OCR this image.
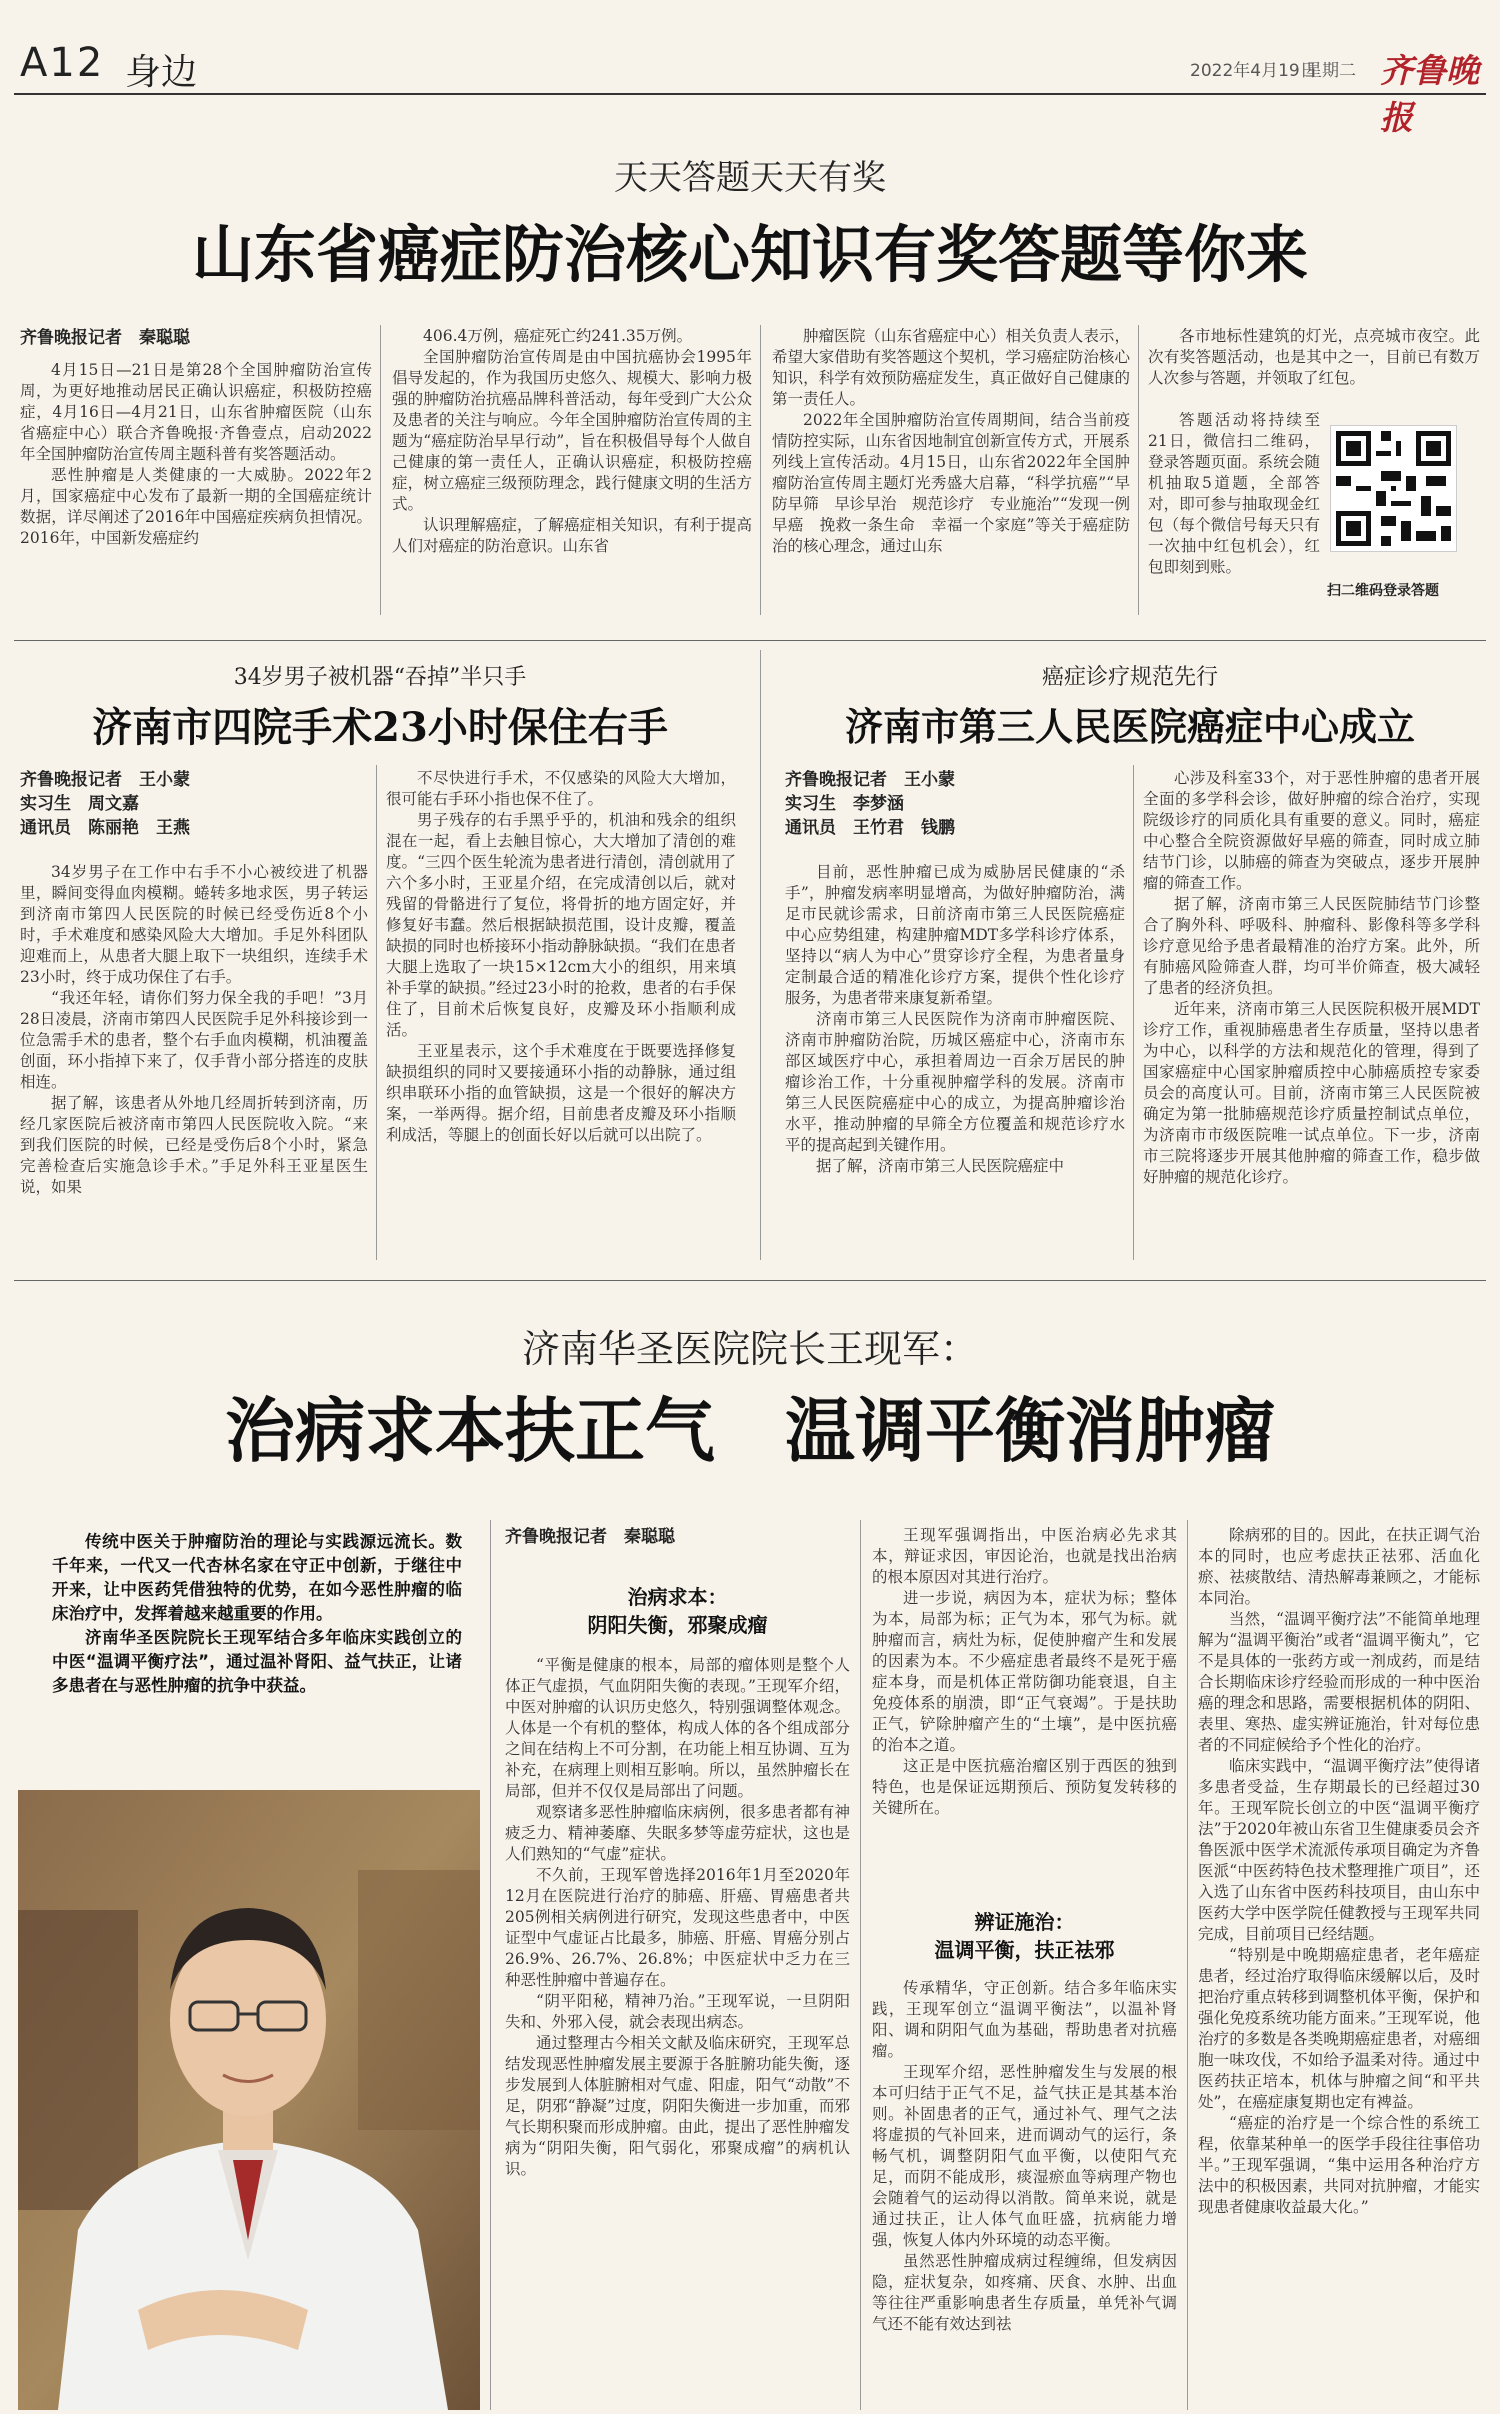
A12 身边	2022年4月19日
星期二 齐鲁晚报
天天答题天天有奖
山东省癌症防治核心知识有奖答题等你来
齐鲁晚报记者　秦聪聪

4月15日—21日是第28个全国肿瘤防治宣传周，为更好地推动居民正确认识癌症，积极防控癌症，4月16日—4月21日，山东省肿瘤医院（山东省癌症中心）联合齐鲁晚报·齐鲁壹点，启动2022年全国肿瘤防治宣传周主题科普有奖答题活动。

恶性肿瘤是人类健康的一大威胁。2022年2月，国家癌症中心发布了最新一期的全国癌症统计数据，详尽阐述了2016年中国癌症疾病负担情况。2016年，中国新发癌症约

406.4万例，癌症死亡约241.35万例。

全国肿瘤防治宣传周是由中国抗癌协会1995年倡导发起的，作为我国历史悠久、规模大、影响力极强的肿瘤防治抗癌品牌科普活动，每年受到广大公众及患者的关注与响应。今年全国肿瘤防治宣传周的主题为“癌症防治早早行动”，旨在积极倡导每个人做自己健康的第一责任人，正确认识癌症，积极防控癌症，树立癌症三级预防理念，践行健康文明的生活方式。

认识理解癌症，了解癌症相关知识，有利于提高人们对癌症的防治意识。山东省

肿瘤医院（山东省癌症中心）相关负责人表示，希望大家借助有奖答题这个契机，学习癌症防治核心知识，科学有效预防癌症发生，真正做好自己健康的第一责任人。

2022年全国肿瘤防治宣传周期间，结合当前疫情防控实际，山东省因地制宜创新宣传方式，开展系列线上宣传活动。4月15日，山东省2022年全国肿瘤防治宣传周主题灯光秀盛大启幕，“科学抗癌”“早防早筛　早诊早治　规范诊疗　专业施治”“发现一例早癌　挽救一条生命　幸福一个家庭”等关于癌症防治的核心理念，通过山东

各市地标性建筑的灯光，点亮城市夜空。此次有奖答题活动，也是其中之一，目前已有数万人次参与答题，并领取了红包。

答题活动将持续至21日，微信扫二维码，登录答题页面。系统会随机抽取5道题，全部答对，即可参与抽取现金红包（每个微信号每天只有一次抽中红包机会），红包即刻到账。

扫二维码登录答题
34岁男子被机器“吞掉”半只手
济南市四院手术23小时保住右手
齐鲁晚报记者　王小蒙
实习生　周文嘉
通讯员　陈丽艳　王燕

34岁男子在工作中右手不小心被绞进了机器里，瞬间变得血肉模糊。蜷转多地求医，男子转运到济南市第四人民医院的时候已经受伤近8个小时，手术难度和感染风险大大增加。手足外科团队迎难而上，从患者大腿上取下一块组织，连续手术23小时，终于成功保住了右手。

“我还年轻，请你们努力保全我的手吧！”3月28日凌晨，济南市第四人民医院手足外科接诊到一位急需手术的患者，整个右手血肉模糊，机油覆盖创面，环小指掉下来了，仅手背小部分搭连的皮肤相连。

据了解，该患者从外地几经周折转到济南，历经几家医院后被济南市第四人民医院收入院。“来到我们医院的时候，已经是受伤后8个小时，紧急完善检查后实施急诊手术。”手足外科王亚星医生说，如果

不尽快进行手术，不仅感染的风险大大增加，很可能右手环小指也保不住了。

男子残存的右手黑乎乎的，机油和残余的组织混在一起，看上去触目惊心，大大增加了清创的难度。“三四个医生轮流为患者进行清创，清创就用了六个多小时，王亚星介绍，在完成清创以后，就对残留的骨骼进行了复位，将骨折的地方固定好，并修复好韦蠢。然后根据缺损范围，设计皮瓣，覆盖缺损的同时也桥接环小指动静脉缺损。“我们在患者大腿上选取了一块15×12cm大小的组织，用来填补手掌的缺损。”经过23小时的抢救，患者的右手保住了，目前术后恢复良好，皮瓣及环小指顺利成活。

王亚星表示，这个手术难度在于既要选择修复缺损组织的同时又要接通环小指的动静脉，通过组织串联环小指的血管缺损，这是一个很好的解决方案，一举两得。据介绍，目前患者皮瓣及环小指顺利成活，等腿上的创面长好以后就可以出院了。

癌症诊疗规范先行
济南市第三人民医院癌症中心成立
齐鲁晚报记者　王小蒙
实习生　李梦涵
通讯员　王竹君　钱鹏

目前，恶性肿瘤已成为威胁居民健康的“杀手”，肿瘤发病率明显增高，为做好肿瘤防治，满足市民就诊需求，日前济南市第三人民医院癌症中心应势组建，构建肿瘤MDT多学科诊疗体系，坚持以“病人为中心”贯穿诊疗全程，为患者量身定制最合适的精准化诊疗方案，提供个性化诊疗服务，为患者带来康复新希望。

济南市第三人民医院作为济南市肿瘤医院、济南市肿瘤防治院，历城区癌症中心，济南市东部区域医疗中心，承担着周边一百余万居民的肿瘤诊治工作，十分重视肿瘤学科的发展。济南市第三人民医院癌症中心的成立，为提高肿瘤诊治水平，推动肿瘤的早筛全方位覆盖和规范诊疗水平的提高起到关键作用。

据了解，济南市第三人民医院癌症中

心涉及科室33个，对于恶性肿瘤的患者开展全面的多学科会诊，做好肿瘤的综合治疗，实现院级诊疗的同质化具有重要的意义。同时，癌症中心整合全院资源做好早癌的筛查，同时成立肺结节门诊，以肺癌的筛查为突破点，逐步开展肿瘤的筛查工作。

据了解，济南市第三人民医院肺结节门诊整合了胸外科、呼吸科、肿瘤科、影像科等多学科诊疗意见给予患者最精准的治疗方案。此外，所有肺癌风险筛查人群，均可半价筛查，极大减轻了患者的经济负担。

近年来，济南市第三人民医院积极开展MDT诊疗工作，重视肺癌患者生存质量，坚持以患者为中心，以科学的方法和规范化的管理，得到了国家癌症中心国家肿瘤质控中心肺癌质控专家委员会的高度认可。目前，济南市第三人民医院被确定为第一批肺癌规范诊疗质量控制试点单位，为济南市市级医院唯一试点单位。下一步，济南市三院将逐步开展其他肿瘤的筛查工作，稳步做好肿瘤的规范化诊疗。

济南华圣医院院长王现军：
治病求本扶正气　温调平衡消肿瘤

传统中医关于肿瘤防治的理论与实践源远流长。数千年来，一代又一代杏林名家在守正中创新，于继往中开来，让中医药凭借独特的优势，在如今恶性肿瘤的临床治疗中，发挥着越来越重要的作用。

济南华圣医院院长王现军结合多年临床实践创立的中医“温调平衡疗法”，通过温补肾阳、益气扶正，让诸多患者在与恶性肿瘤的抗争中获益。

齐鲁晚报记者　秦聪聪
治病求本：
阴阳失衡，邪聚成瘤

“平衡是健康的根本，局部的瘤体则是整个人体正气虚损，气血阴阳失衡的表现。”王现军介绍，中医对肿瘤的认识历史悠久，特别强调整体观念。人体是一个有机的整体，构成人体的各个组成部分之间在结构上不可分割，在功能上相互协调、互为补充，在病理上则相互影响。所以，虽然肿瘤长在局部，但并不仅仅是局部出了问题。

观察诸多恶性肿瘤临床病例，很多患者都有神疲乏力、精神萎靡、失眠多梦等虚劳症状，这也是人们熟知的“气虚”症状。

不久前，王现军曾选择2016年1月至2020年12月在医院进行治疗的肺癌、肝癌、胃癌患者共205例相关病例进行研究，发现这些患者中，中医证型中气虚证占比最多，肺癌、肝癌、胃癌分别占26.9%、26.7%、26.8%；中医症状中乏力在三种恶性肿瘤中普遍存在。

“阴平阳秘，精神乃治。”王现军说，一旦阴阳失和、外邪入侵，就会表现出病态。

通过整理古今相关文献及临床研究，王现军总结发现恶性肿瘤发展主要源于各脏腑功能失衡，逐步发展到人体脏腑相对气虚、阳虚，阳气“动散”不足，阴邪“静凝”过度，阴阳失衡进一步加重，而邪气长期积聚而形成肿瘤。由此，提出了恶性肿瘤发病为“阴阳失衡，阳气弱化，邪聚成瘤”的病机认识。

王现军强调指出，中医治病必先求其本，辩证求因，审因论治，也就是找出治病的根本原因对其进行治疗。

进一步说，病因为本，症状为标；整体为本，局部为标；正气为本，邪气为标。就肿瘤而言，病灶为标，促使肿瘤产生和发展的因素为本。不少癌症患者最终不是死于癌症本身，而是机体正常防御功能衰退，自主免疫体系的崩溃，即“正气衰竭”。于是扶助正气，铲除肿瘤产生的“土壤”，是中医抗癌的治本之道。

这正是中医抗癌治瘤区别于西医的独到特色，也是保证远期预后、预防复发转移的关键所在。

辨证施治：
温调平衡，扶正祛邪

传承精华，守正创新。结合多年临床实践，王现军创立“温调平衡法”，以温补肾阳、调和阴阳气血为基础，帮助患者对抗癌瘤。

王现军介绍，恶性肿瘤发生与发展的根本可归结于正气不足，益气扶正是其基本治则。补固患者的正气，通过补气、理气之法将虚损的气补回来，进而调动气的运行，条畅气机，调整阴阳气血平衡，以使阳气充足，而阴不能成形，痰湿瘀血等病理产物也会随着气的运动得以消散。简单来说，就是通过扶正，让人体气血旺盛，抗病能力增强，恢复人体内外环境的动态平衡。

虽然恶性肿瘤成病过程缠绵，但发病因隐，症状复杂，如疼痛、厌食、水肿、出血等往往严重影响患者生存质量，单凭补气调气还不能有效达到祛

除病邪的目的。因此，在扶正调气治本的同时，也应考虑扶正祛邪、活血化瘀、祛痰散结、清热解毒兼顾之，才能标本同治。

当然，“温调平衡疗法”不能简单地理解为“温调平衡治”或者“温调平衡丸”，它不是具体的一张药方或一剂成药，而是结合长期临床诊疗经验而形成的一种中医治癌的理念和思路，需要根据机体的阴阳、表里、寒热、虚实辨证施治，针对每位患者的不同症候给予个性化的治疗。

临床实践中，“温调平衡疗法”使得诸多患者受益，生存期最长的已经超过30年。王现军院长创立的中医“温调平衡疗法”于2020年被山东省卫生健康委员会齐鲁医派中医学术流派传承项目确定为齐鲁医派“中医药特色技术整理推广项目”，还入选了山东省中医药科技项目，由山东中医药大学中医学院任健教授与王现军共同完成，目前项目已经结题。

“特别是中晚期癌症患者，老年癌症患者，经过治疗取得临床缓解以后，及时把治疗重点转移到调整机体平衡，保护和强化免疫系统功能方面来。”王现军说，他治疗的多数是各类晚期癌症患者，对癌细胞一味攻伐，不如给予温柔对待。通过中医药扶正培本，机体与肿瘤之间“和平共处”，在癌症康复期也定有裨益。

“癌症的治疗是一个综合性的系统工程，依靠某种单一的医学手段往往事倍功半。”王现军强调，“集中运用各种治疗方法中的积极因素，共同对抗肿瘤，才能实现患者健康收益最大化。”
